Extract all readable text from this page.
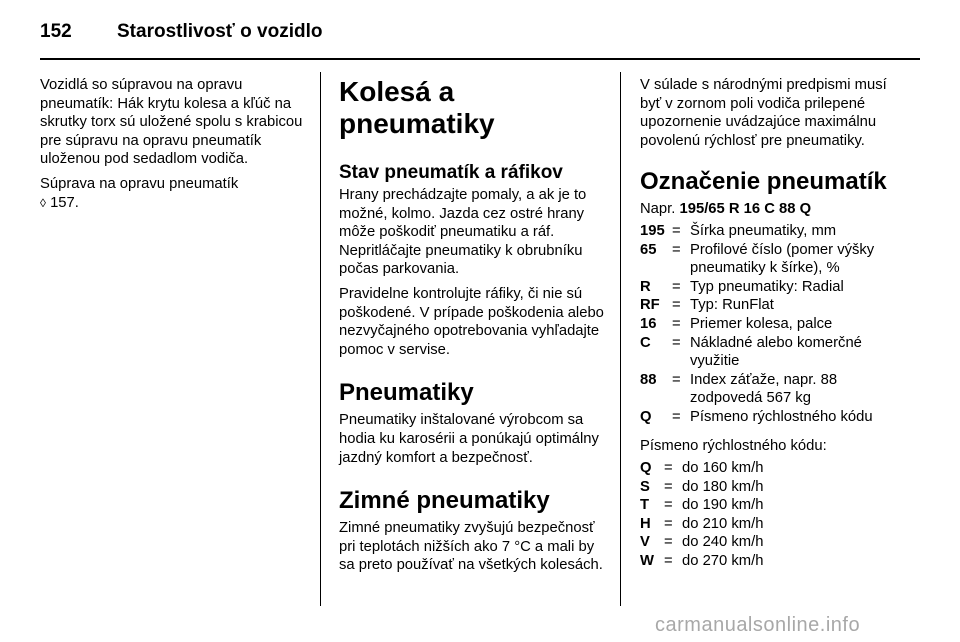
152 Starostlivosť o vozidlo

Vozidlá so súpravou na opravu pneumatík: Hák krytu kolesa a kľúč na skrutky torx sú uložené spolu s krabicou pre súpravu na opravu pneumatík uloženou pod sedadlom vodiča.

Súprava na opravu pneumatík
◊ 157.

Kolesá a pneumatiky
Stav pneumatík a ráfikov

Hrany prechádzajte pomaly, a ak je to možné, kolmo. Jazda cez ostré hrany môže poškodiť pneumatiku a ráf. Nepritláčajte pneumatiky k obrubníku počas parkovania.

Pravidelne kontrolujte ráfiky, či nie sú poškodené. V prípade poškodenia alebo nezvyčajného opotrebovania vyhľadajte pomoc v servise.

Pneumatiky

Pneumatiky inštalované výrobcom sa hodia ku karosérii a ponúkajú optimálny jazdný komfort a bezpečnosť.

Zimné pneumatiky

Zimné pneumatiky zvyšujú bezpečnosť pri teplotách nižších ako 7 °C a mali by sa preto používať na všetkých kolesách.

V súlade s národnými predpismi musí byť v zornom poli vodiča prilepené upozornenie uvádzajúce maximálnu povolenú rýchlosť pre pneumatiky.

Označenie pneumatík

Napr. 195/65 R 16 C 88 Q

195 = Šírka pneumatiky, mm
65	= Profilové číslo (pomer výšky pneumatiky k šírke), %
R	= Typ pneumatiky: Radial
RF = Typ: RunFlat
16	= Priemer kolesa, palce
C	= Nákladné alebo komerčné využitie
88	= Index záťaže, napr. 88 zodpovedá 567 kg
Q	= Písmeno rýchlostného kódu

Písmeno rýchlostného kódu:

Q = do 160 km/h
S = do 180 km/h
T	= do 190 km/h
H = do 210 km/h
V = do 240 km/h
W = do 270 km/h
carmanualsonline.info
